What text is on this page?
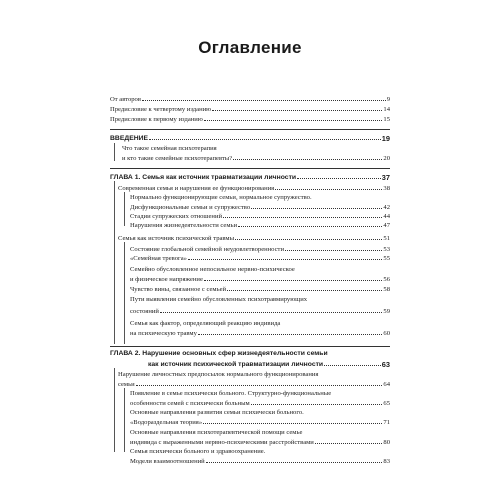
Оглавление
От авторов	9
Предисловие к четвертому изданию	14
Предисловие к первому изданию	15
ВВЕДЕНИЕ	19
Что такое семейная психотерапия
и кто такие семейные психотерапевты?	20
ГЛАВА 1. Семья как источник травматизации личности	37
Современная семья и нарушения ее функционирования	38
Нормально функционирующие семьи, нормальное супружество.
Дисфункциональные семьи и супружество	42
Стадии супружеских отношений	44
Нарушения жизнедеятельности семьи	47
Семья как источник психической травмы	51
Состояние глобальной семейной неудовлетворенности	53
«Семейная тревога»	55
Семейно обусловленное непосильное нервно-психическое
и физическое напряжение	56
Чувство вины, связанное с семьей	58
Пути выявления семейно обусловленных психотравмирующих
состояний	59
Семья как фактор, определяющий реакцию индивида
на психическую травму	60
ГЛАВА 2. Нарушение основных сфер жизнедеятельности семьи
как источник психической травматизации личности	63
Нарушение личностных предпосылок нормального функционирования
семьи	64
Появление в семье психически больного. Структурно-функциональные
особенности семей с психически больным	65
Основные направления развития семьи психически больного.
«Водораздельная теория»	71
Основные направления психотерапевтической помощи семье
индивида с выраженными нервно-психическими расстройствами	80
Семья психически больного и здравоохранение.
Модели взаимоотношений	83
